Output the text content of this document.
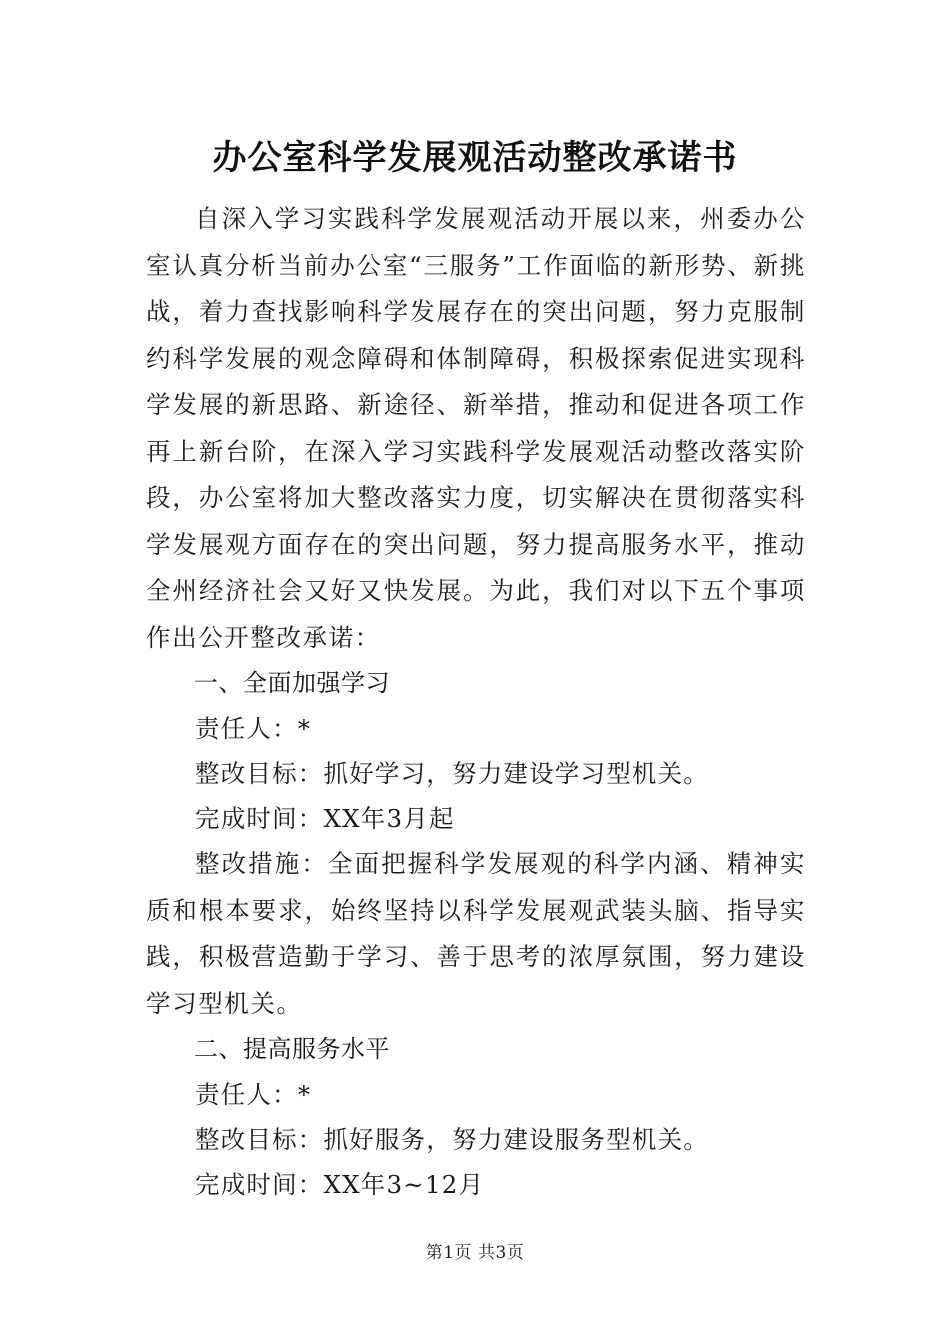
办公室科学发展观活动整改承诺书

自深入学习实践科学发展观活动开展以来，州委办公室认真分析当前办公室“三服务”工作面临的新形势、新挑战，着力查找影响科学发展存在的突出问题，努力克服制约科学发展的观念障碍和体制障碍，积极探索促进实现科学发展的新思路、新途径、新举措，推动和促进各项工作再上新台阶，在深入学习实践科学发展观活动整改落实阶段，办公室将加大整改落实力度，切实解决在贯彻落实科学发展观方面存在的突出问题，努力提高服务水平，推动全州经济社会又好又快发展。为此，我们对以下五个事项作出公开整改承诺：

一、全面加强学习

责任人：*

整改目标：抓好学习，努力建设学习型机关。

完成时间：XX年3月起

整改措施：全面把握科学发展观的科学内涵、精神实质和根本要求，始终坚持以科学发展观武装头脑、指导实践，积极营造勤于学习、善于思考的浓厚氛围，努力建设学习型机关。

二、提高服务水平

责任人：*

整改目标：抓好服务，努力建设服务型机关。

完成时间：XX年3~12月

第1页 共3页
